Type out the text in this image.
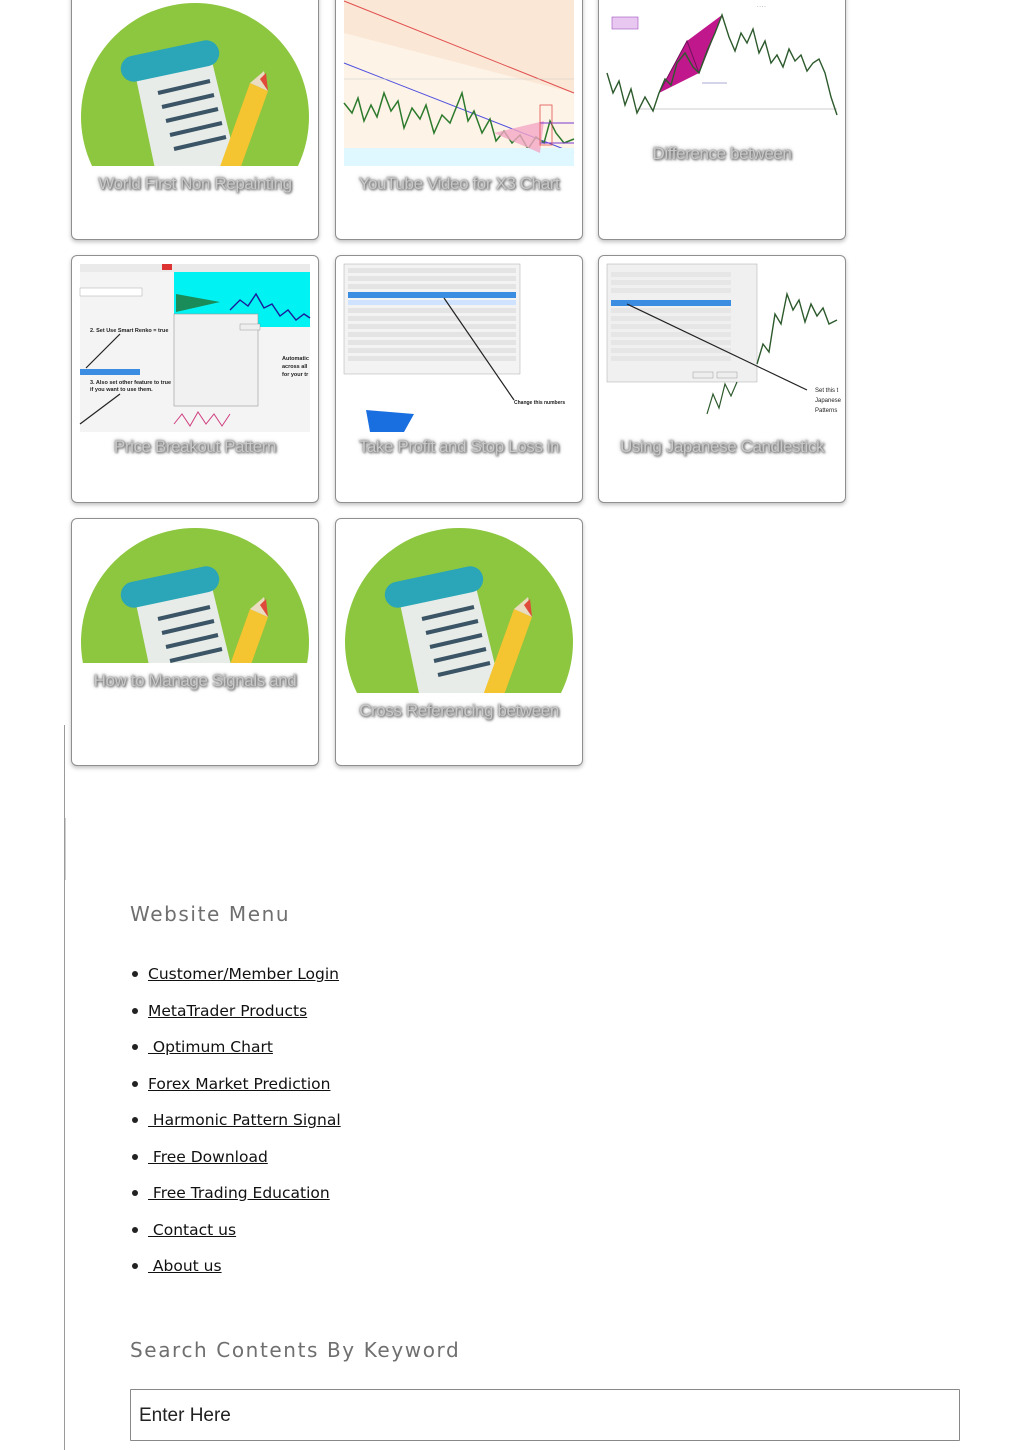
World First Non Repainting	YouTube Video for X3 Chart
- - - -
Difference between
2. Set Use Smart Renko = true
3. Also set other feature to true
if you want to use them.
Automatic
across all
for your tr
Price Breakout Pattern
Change this numbers
Take Profit and Stop Loss in
Set this t
Japanese
Patterns
Using Japanese Candlestick
How to Manage Signals and
Cross Referencing between
Website Menu
Customer/Member Login
MetaTrader Products
Optimum Chart
Forex Market Prediction
Harmonic Pattern Signal
Free Download
Free Trading Education
Contact us
About us
Search Contents By Keyword
Enter Here
